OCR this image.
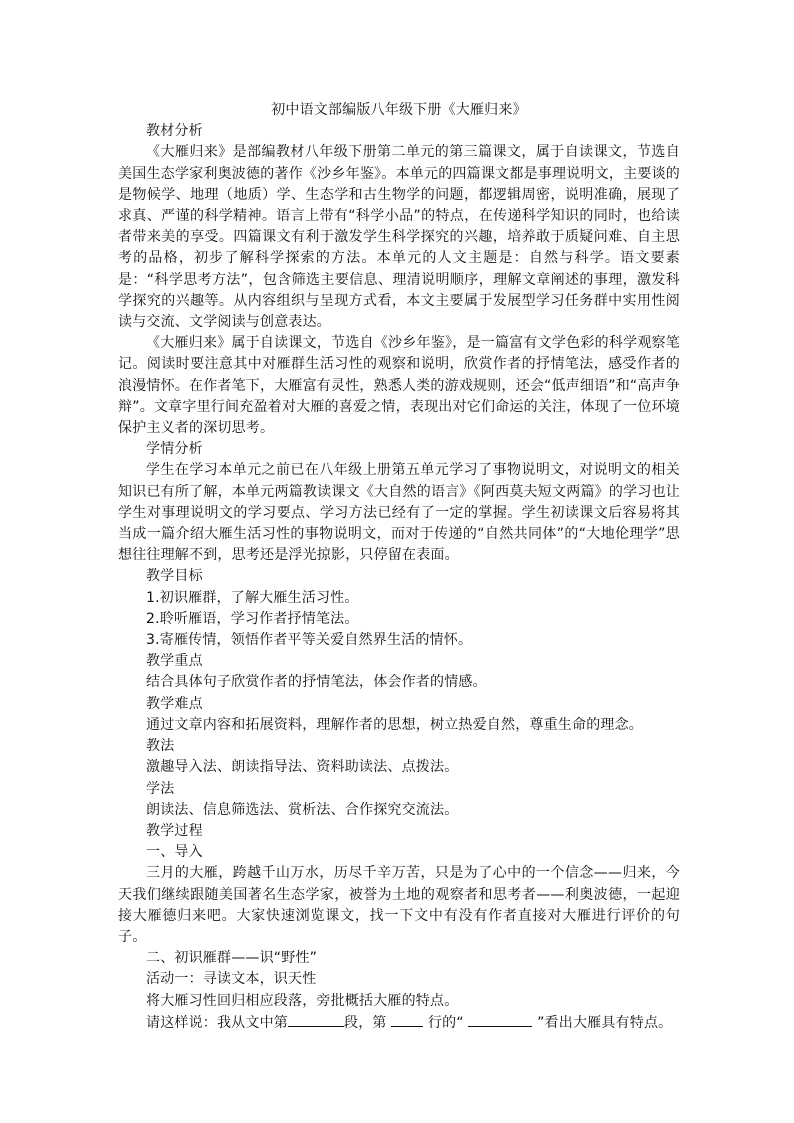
初中语文部编版八年级下册《大雁归来》
教材分析

《大雁归来》是部编教材八年级下册第二单元的第三篇课文，属于自读课文，节选自美国生态学家利奥波德的著作《沙乡年鉴》。本单元的四篇课文都是事理说明文，主要谈的是物候学、地理（地质）学、生态学和古生物学的问题，都逻辑周密，说明准确，展现了求真、严谨的科学精神。语言上带有“科学小品”的特点，在传递科学知识的同时，也给读者带来美的享受。四篇课文有利于激发学生科学探究的兴趣，培养敢于质疑问难、自主思考的品格，初步了解科学探索的方法。本单元的人文主题是：自然与科学。语文要素是：“科学思考方法”，包含筛选主要信息、理清说明顺序，理解文章阐述的事理，激发科学探究的兴趣等。从内容组织与呈现方式看，本文主要属于发展型学习任务群中实用性阅读与交流、文学阅读与创意表达。

《大雁归来》属于自读课文，节选自《沙乡年鉴》，是一篇富有文学色彩的科学观察笔记。阅读时要注意其中对雁群生活习性的观察和说明，欣赏作者的抒情笔法，感受作者的浪漫情怀。在作者笔下，大雁富有灵性，熟悉人类的游戏规则，还会“低声细语”和“高声争辩”。文章字里行间充盈着对大雁的喜爱之情，表现出对它们命运的关注，体现了一位环境保护主义者的深切思考。

学情分析

学生在学习本单元之前已在八年级上册第五单元学习了事物说明文，对说明文的相关知识已有所了解，本单元两篇教读课文《大自然的语言》《阿西莫夫短文两篇》的学习也让学生对事理说明文的学习要点、学习方法已经有了一定的掌握。学生初读课文后容易将其当成一篇介绍大雁生活习性的事物说明文，而对于传递的“自然共同体”的“大地伦理学”思想往往理解不到，思考还是浮光掠影，只停留在表面。

教学目标
1.初识雁群，了解大雁生活习性。
2.聆听雁语，学习作者抒情笔法。
3.寄雁传情，领悟作者平等关爱自然界生活的情怀。
教学重点
结合具体句子欣赏作者的抒情笔法，体会作者的情感。
教学难点
通过文章内容和拓展资料，理解作者的思想，树立热爱自然，尊重生命的理念。
教法
激趣导入法、朗读指导法、资料助读法、点拨法。
学法
朗读法、信息筛选法、赏析法、合作探究交流法。
教学过程
一、导入

三月的大雁，跨越千山万水，历尽千辛万苦，只是为了心中的一个信念——归来，今天我们继续跟随美国著名生态学家，被誉为土地的观察者和思考者——利奥波德，一起迎接大雁德归来吧。大家快速浏览课文，找一下文中有没有作者直接对大雁进行评价的句子。

二、初识雁群——识“野性”
活动一：寻读文本，识天性
将大雁习性回归相应段落，旁批概括大雁的特点。

请这样说：我从文中第	段，第	行的“	”看出大雁具有特点。
